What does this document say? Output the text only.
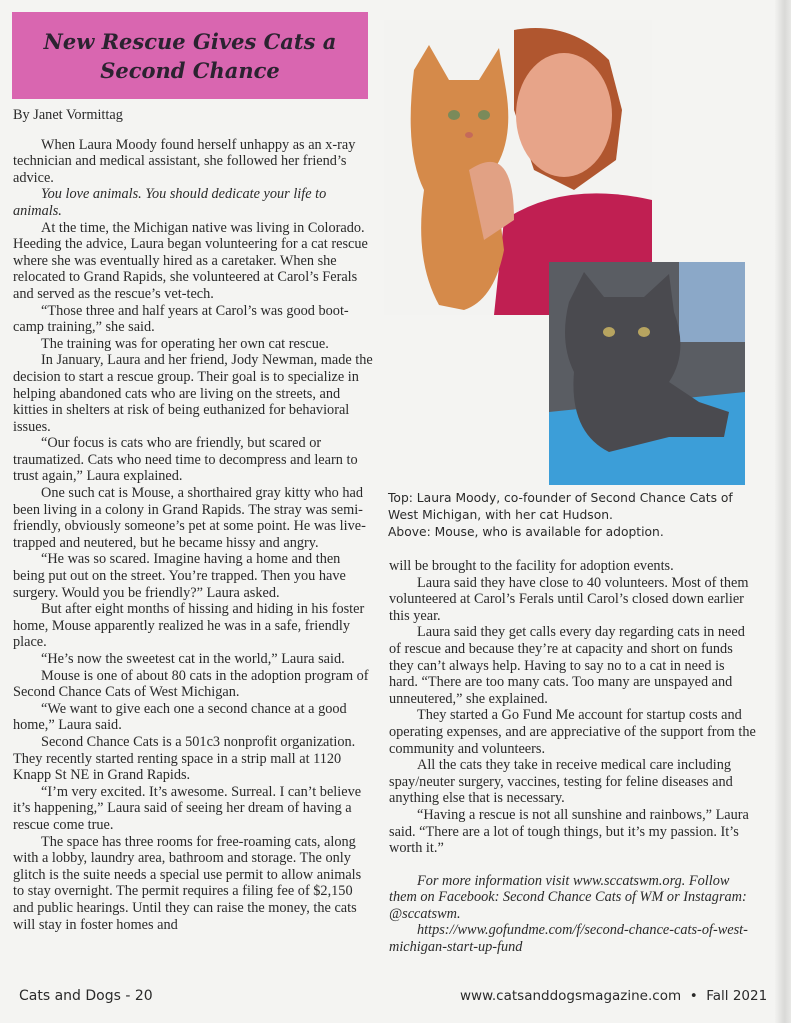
New Rescue Gives Cats a Second Chance

By Janet Vormittag

When Laura Moody found herself unhappy as an x-ray technician and medical assistant, she followed her friend’s advice.

You love animals. You should dedicate your life to animals.

At the time, the Michigan native was living in Colorado. Heeding the advice, Laura began volunteering for a cat rescue where she was eventually hired as a caretaker. When she relocated to Grand Rapids, she volunteered at Carol’s Ferals and served as the rescue’s vet-tech.

“Those three and half years at Carol’s was good boot-camp training,” she said.

The training was for operating her own cat rescue.

In January, Laura and her friend, Jody Newman, made the decision to start a rescue group. Their goal is to specialize in helping abandoned cats who are living on the streets, and kitties in shelters at risk of being euthanized for behavioral issues.

“Our focus is cats who are friendly, but scared or traumatized. Cats who need time to decompress and learn to trust again,” Laura explained.

One such cat is Mouse, a shorthaired gray kitty who had been living in a colony in Grand Rapids. The stray was semi-friendly, obviously someone’s pet at some point. He was live-trapped and neutered, but he became hissy and angry.

“He was so scared. Imagine having a home and then being put out on the street. You’re trapped. Then you have surgery. Would you be friendly?” Laura asked.

But after eight months of hissing and hiding in his foster home, Mouse apparently realized he was in a safe, friendly place.

“He’s now the sweetest cat in the world,” Laura said.

Mouse is one of about 80 cats in the adoption program of Second Chance Cats of West Michigan.

“We want to give each one a second chance at a good home,” Laura said.

Second Chance Cats is a 501c3 nonprofit organization. They recently started renting space in a strip mall at 1120 Knapp St NE in Grand Rapids.

“I’m very excited. It’s awesome. Surreal. I can’t believe it’s happening,” Laura said of seeing her dream of having a rescue come true.

The space has three rooms for free-roaming cats, along with a lobby, laundry area, bathroom and storage. The only glitch is the suite needs a special use permit to allow animals to stay overnight. The permit requires a filing fee of $2,150 and public hearings. Until they can raise the money, the cats will stay in foster homes and

Top: Laura Moody, co-founder of Second Chance Cats of West Michigan, with her cat Hudson.
Above: Mouse, who is available for adoption.

will be brought to the facility for adoption events.

Laura said they have close to 40 volunteers. Most of them volunteered at Carol’s Ferals until Carol’s closed down earlier this year.

Laura said they get calls every day regarding cats in need of rescue and because they’re at capacity and short on funds they can’t always help. Having to say no to a cat in need is hard. “There are too many cats. Too many are unspayed and unneutered,” she explained.

They started a Go Fund Me account for startup costs and operating expenses, and are appreciative of the support from the community and volunteers.

All the cats they take in receive medical care including spay/neuter surgery, vaccines, testing for feline diseases and anything else that is necessary.

“Having a rescue is not all sunshine and rainbows,” Laura said. “There are a lot of tough things, but it’s my passion. It’s worth it.”

For more information visit www.sccatswm.org. Follow them on Facebook: Second Chance Cats of WM or Instagram: @sccatswm.

https://www.gofundme.com/f/second-chance-cats-of-west-michigan-start-up-fund

Cats and Dogs - 20	www.catsanddogsmagazine.com  •  Fall 2021
